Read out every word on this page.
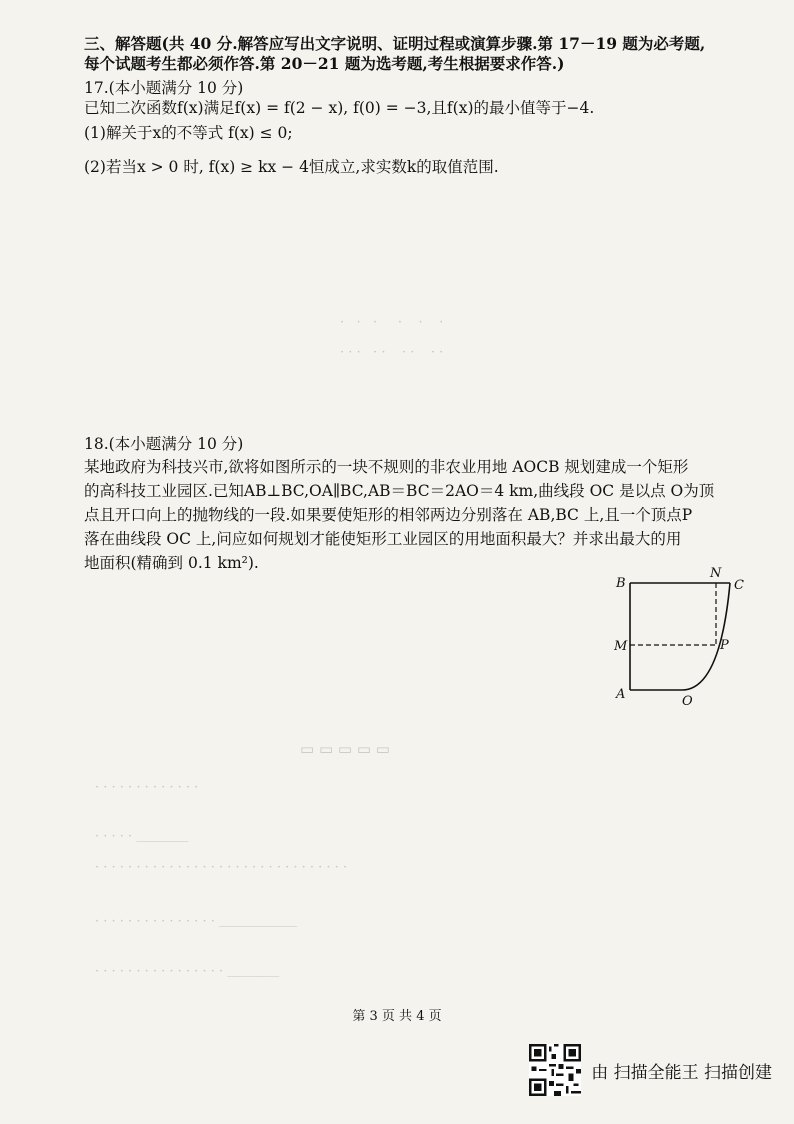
三、解答题(共 40 分.解答应写出文字说明、证明过程或演算步骤.第 17－19 题为必考题,
每个试题考生都必须作答.第 20－21 题为选考题,考生根据要求作答.)
17.(本小题满分 10 分)
已知二次函数f(x)满足f(x) = f(2 − x), f(0) = −3,且f(x)的最小值等于−4.
(1)解关于x的不等式 f(x) ≤ 0;
(2)若当x > 0 时, f(x) ≥ kx − 4恒成立,求实数k的取值范围.
·   ·   ·     ·    ·    ·
· · ·   · ·    · ·    · ·
18.(本小题满分 10 分)
某地政府为科技兴市,欲将如图所示的一块不规则的非农业用地 AOCB 规划建成一个矩形
的高科技工业园区.已知AB⊥BC,OA∥BC,AB＝BC＝2AO＝4 km,曲线段 OC 是以点 O为顶
点且开口向上的抛物线的一段.如果要使矩形的相邻两边分别落在 AB,BC 上,且一个顶点P
落在曲线段 OC 上,问应如何规划才能使矩形工业园区的用地面积最大？并求出最大的用
地面积(精确到 0.1 km²).
B
N
C
M	P
A	O
▭ ▭ ▭ ▭ ▭
· · · · · · · · · · · · ·
· · · · · ＿＿＿＿
· · · · · · · · · · · · · · · · · · · · · · · · · · · · · · ·
· · · · · · · · · · · · · · · ＿＿＿＿＿＿
· · · · · · · · · · · · · · · · ＿＿＿＿
第 3 页 共 4 页
由 扫描全能王 扫描创建
